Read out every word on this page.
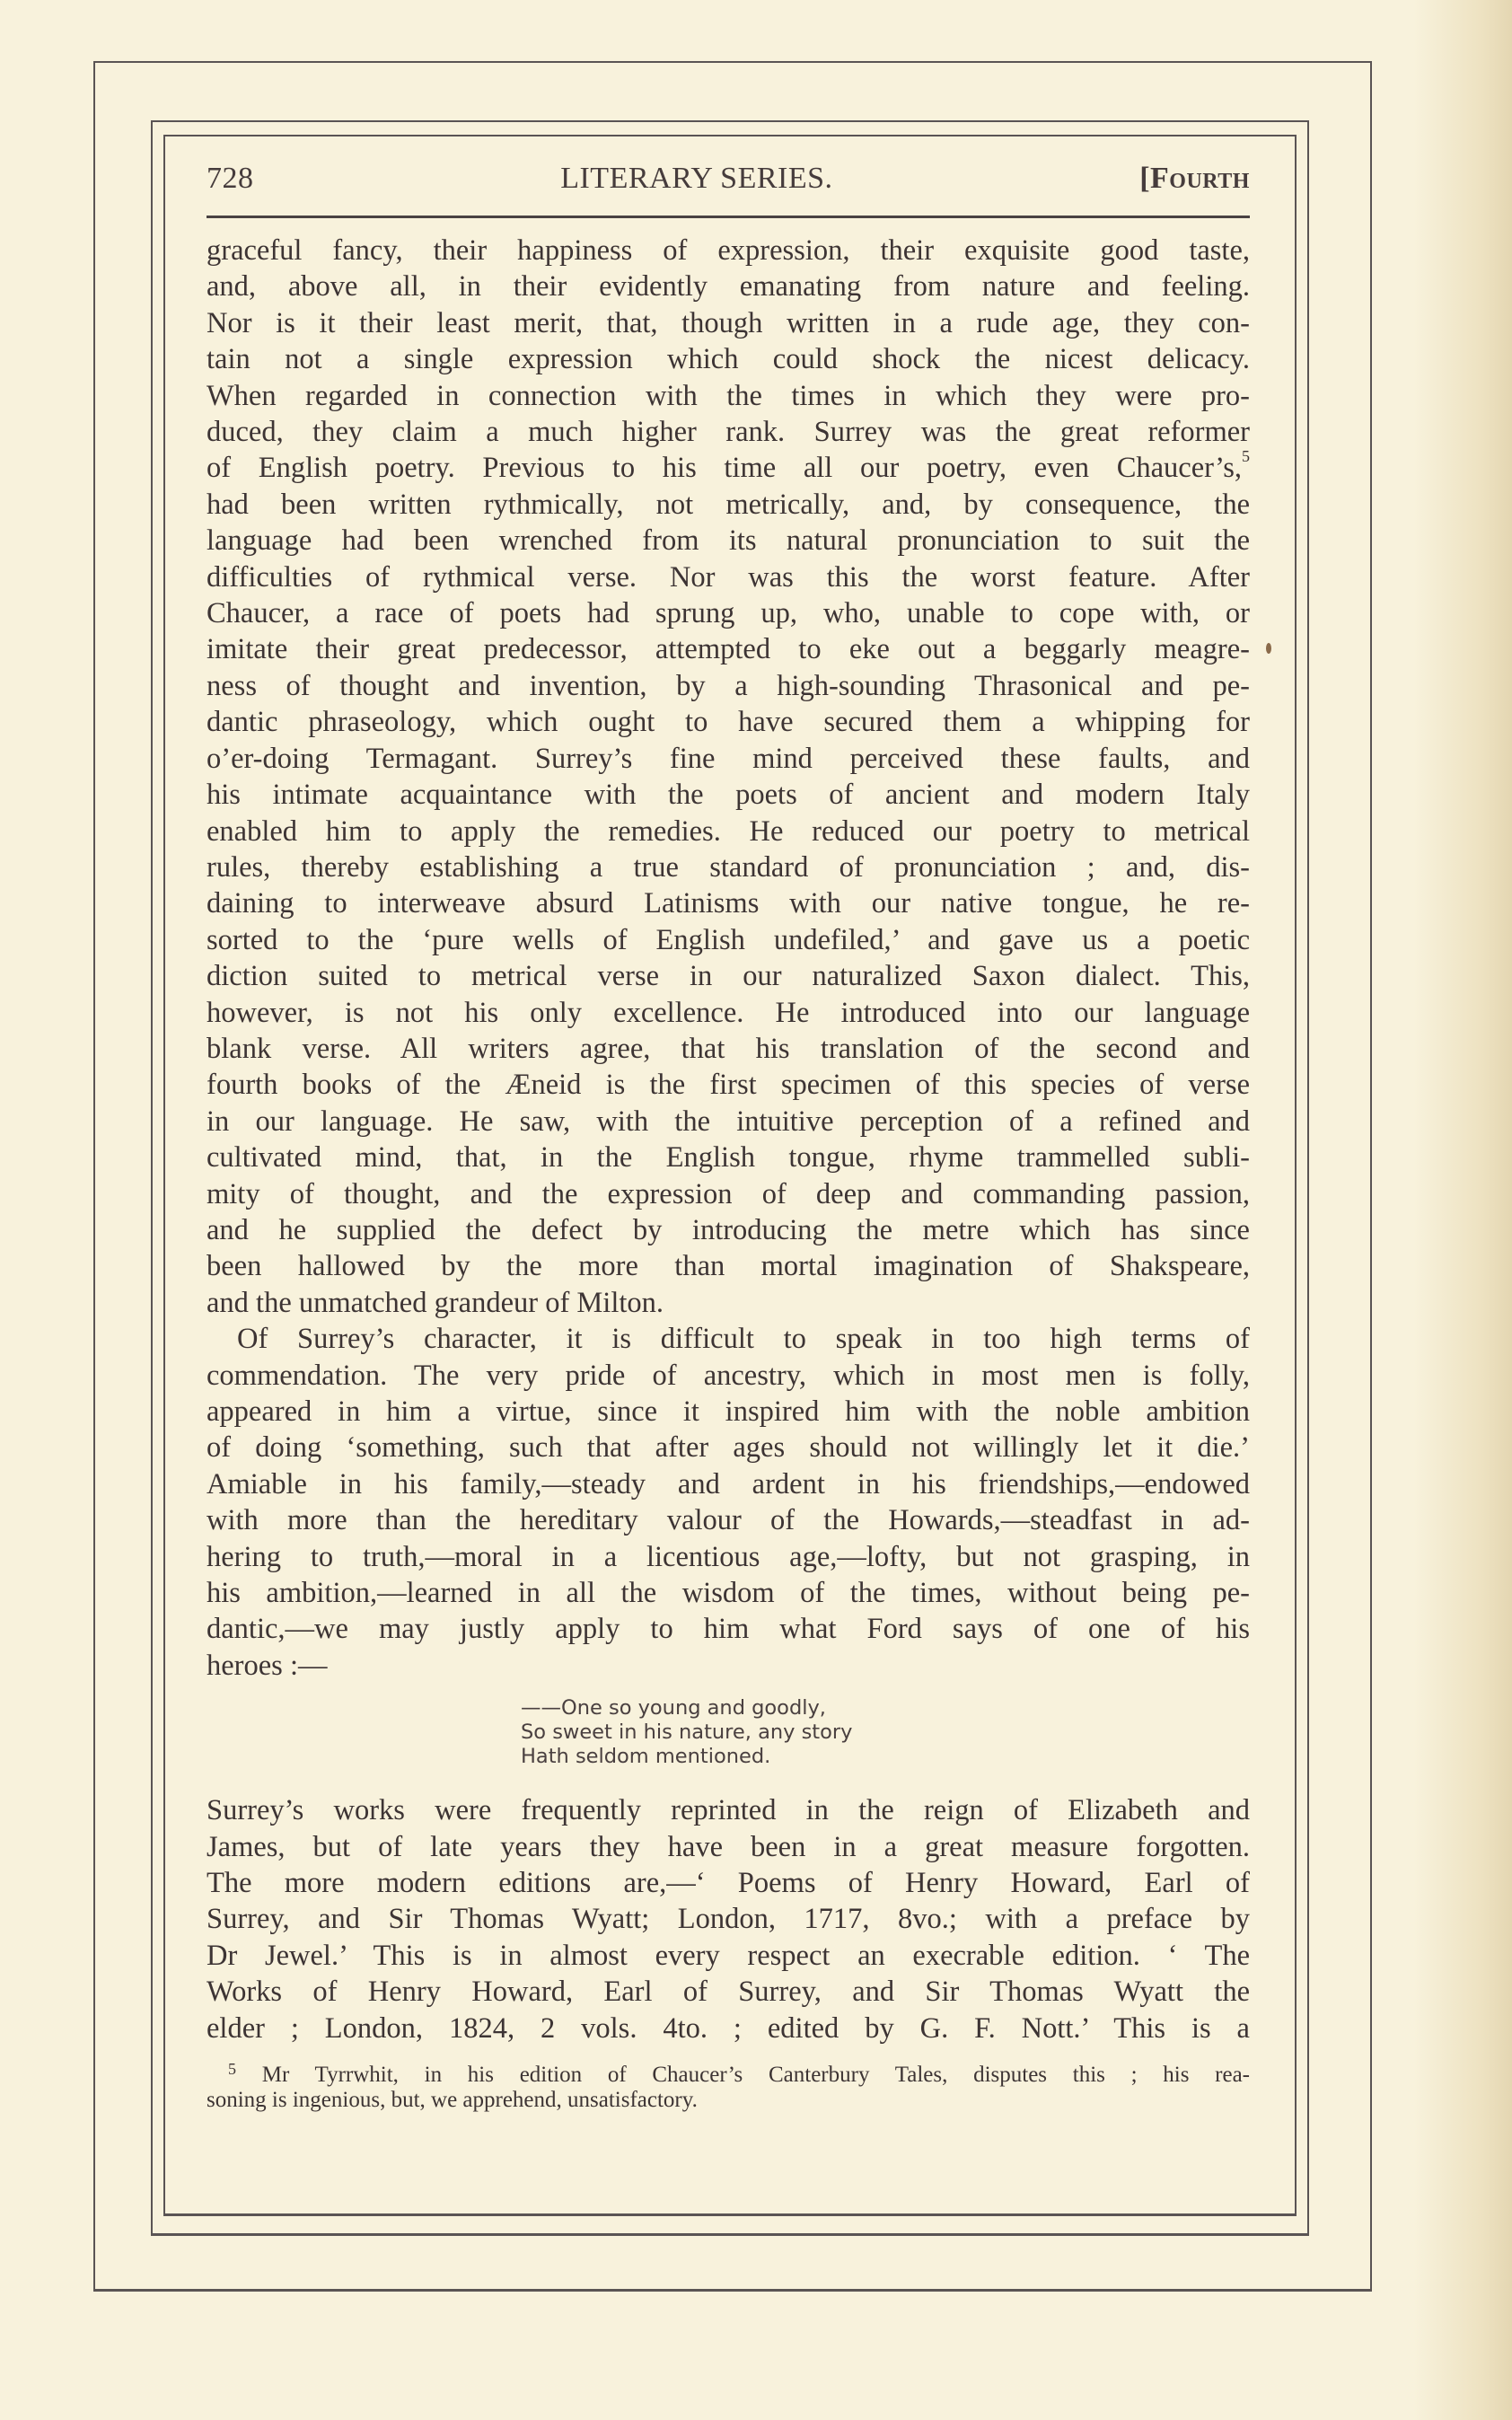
728	LITERARY SERIES.	[Fourth

graceful fancy, their happiness of expression, their exquisite good taste,
and, above all, in their evidently emanating from nature and feeling.
Nor is it their least merit, that, though written in a rude age, they con-
tain not a single expression which could shock the nicest delicacy.
When regarded in connection with the times in which they were pro-
duced, they claim a much higher rank. Surrey was the great reformer
of English poetry. Previous to his time all our poetry, even Chaucer’s,$^5$
had been written rythmically, not metrically, and, by consequence, the
language had been wrenched from its natural pronunciation to suit the
difficulties of rythmical verse. Nor was this the worst feature. After
Chaucer, a race of poets had sprung up, who, unable to cope with, or
imitate their great predecessor, attempted to eke out a beggarly meagre-
ness of thought and invention, by a high-sounding Thrasonical and pe-
dantic phraseology, which ought to have secured them a whipping for
o’er-doing Termagant. Surrey’s fine mind perceived these faults, and
his intimate acquaintance with the poets of ancient and modern Italy
enabled him to apply the remedies. He reduced our poetry to metrical
rules, thereby establishing a true standard of pronunciation ; and, dis-
daining to interweave absurd Latinisms with our native tongue, he re-
sorted to the ‘pure wells of English undefiled,’ and gave us a poetic
diction suited to metrical verse in our naturalized Saxon dialect. This,
however, is not his only excellence. He introduced into our language
blank verse. All writers agree, that his translation of the second and
fourth books of the Æneid is the first specimen of this species of verse
in our language. He saw, with the intuitive perception of a refined and
cultivated mind, that, in the English tongue, rhyme trammelled subli-
mity of thought, and the expression of deep and commanding passion,
and he supplied the defect by introducing the metre which has since
been hallowed by the more than mortal imagination of Shakspeare,
and the unmatched grandeur of Milton.

Of Surrey’s character, it is difficult to speak in too high terms of
commendation. The very pride of ancestry, which in most men is folly,
appeared in him a virtue, since it inspired him with the noble ambition
of doing ‘something, such that after ages should not willingly let it die.’
Amiable in his family,—steady and ardent in his friendships,—endowed
with more than the hereditary valour of the Howards,—steadfast in ad-
hering to truth,—moral in a licentious age,—lofty, but not grasping, in
his ambition,—learned in all the wisdom of the times, without being pe-
dantic,—we may justly apply to him what Ford says of one of his
heroes :—

——One so young and goodly,
So sweet in his nature, any story
Hath seldom mentioned.

Surrey’s works were frequently reprinted in the reign of Elizabeth and
James, but of late years they have been in a great measure forgotten.
The more modern editions are,—‘ Poems of Henry Howard, Earl of
Surrey, and Sir Thomas Wyatt; London, 1717, 8vo.; with a preface by
Dr Jewel.’ This is in almost every respect an execrable edition. ‘ The
Works of Henry Howard, Earl of Surrey, and Sir Thomas Wyatt the
elder ; London, 1824, 2 vols. 4to. ; edited by G. F. Nott.’ This is a

$^5$ Mr Tyrrwhit, in his edition of Chaucer’s Canterbury Tales, disputes this ; his rea-
soning is ingenious, but, we apprehend, unsatisfactory.
